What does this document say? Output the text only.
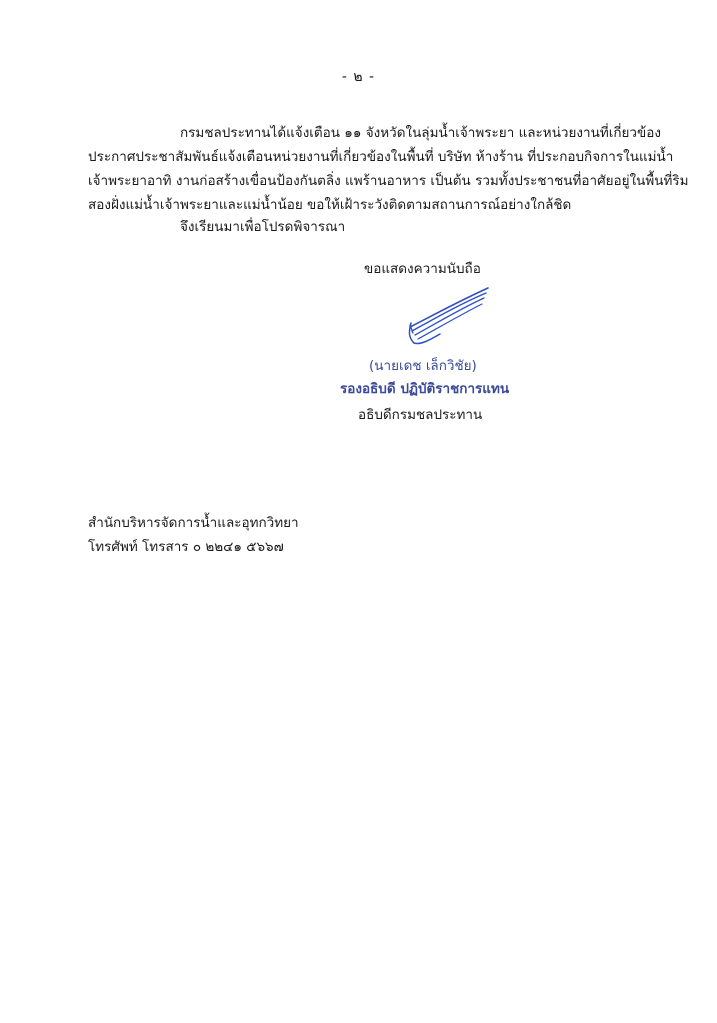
- ๒ -
กรมชลประทานได้แจ้งเตือน ๑๑ จังหวัดในลุ่มน้ำเจ้าพระยา และหน่วยงานที่เกี่ยวข้อง
ประกาศประชาสัมพันธ์แจ้งเตือนหน่วยงานที่เกี่ยวข้องในพื้นที่ บริษัท ห้างร้าน ที่ประกอบกิจการในแม่น้ำ
เจ้าพระยาอาทิ งานก่อสร้างเขื่อนป้องกันตลิ่ง แพร้านอาหาร เป็นต้น รวมทั้งประชาชนที่อาศัยอยู่ในพื้นที่ริม
สองฝั่งแม่น้ำเจ้าพระยาและแม่น้ำน้อย ขอให้เฝ้าระวังติดตามสถานการณ์อย่างใกล้ชิด
จึงเรียนมาเพื่อโปรดพิจารณา
ขอแสดงความนับถือ
(นายเดช เล็กวิชัย)
รองอธิบดี ปฏิบัติราชการแทน
อธิบดีกรมชลประทาน
สำนักบริหารจัดการน้ำและอุทกวิทยา
โทรศัพท์ โทรสาร ๐ ๒๒๔๑ ๕๖๖๗
